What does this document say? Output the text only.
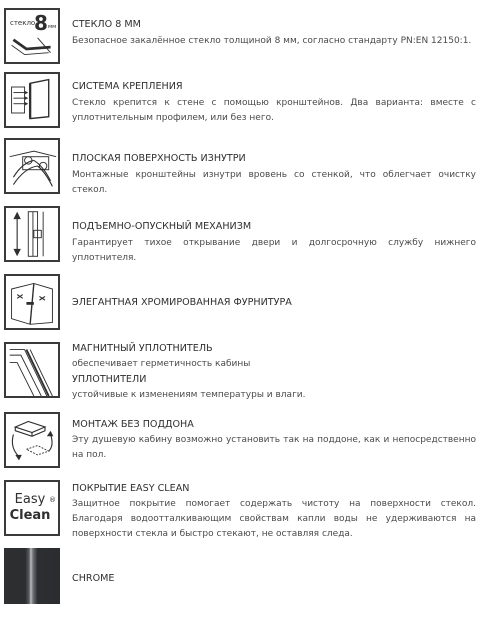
стекло
8 мм СТЕКЛО 8 ММ
Безопасное закалённое стекло толщиной 8 мм, согласно стандарту PN:EN 12150:1.
СИСТЕМА КРЕПЛЕНИЯ
Стекло крепится к стене с помощью кронштейнов. Два варианта: вместе с уплотнительным профилем, или без него.
ПЛОСКАЯ ПОВЕРХНОСТЬ ИЗНУТРИ
Монтажные кронштейны изнутри вровень со стенкой, что облегчает очистку стекол.
ПОДЪЕМНО-ОПУСКНЫЙ МЕХАНИЗМ
Гарантирует тихое открывание двери и долгосрочную службу нижнего уплотнителя.
ЭЛЕГАНТНАЯ ХРОМИРОВАННАЯ ФУРНИТУРА
МАГНИТНЫЙ УПЛОТНИТЕЛЬ
обеспечивает герметичность кабины
УПЛОТНИТЕЛИ
устойчивые к изменениям температуры и влаги.
МОНТАЖ БЕЗ ПОДДОНА
Эту душевую кабину возможно установить так на поддоне, как и непосредственно на пол.
Easy
Clean
®
ПОКРЫТИЕ EASY CLEAN
Защитное покрытие помогает содержать чистоту на поверхности стекол. Благодаря водоотталкивающим свойствам капли воды не удерживаются на поверхности стекла и быстро стекают, не оставляя следа.
CHROME
